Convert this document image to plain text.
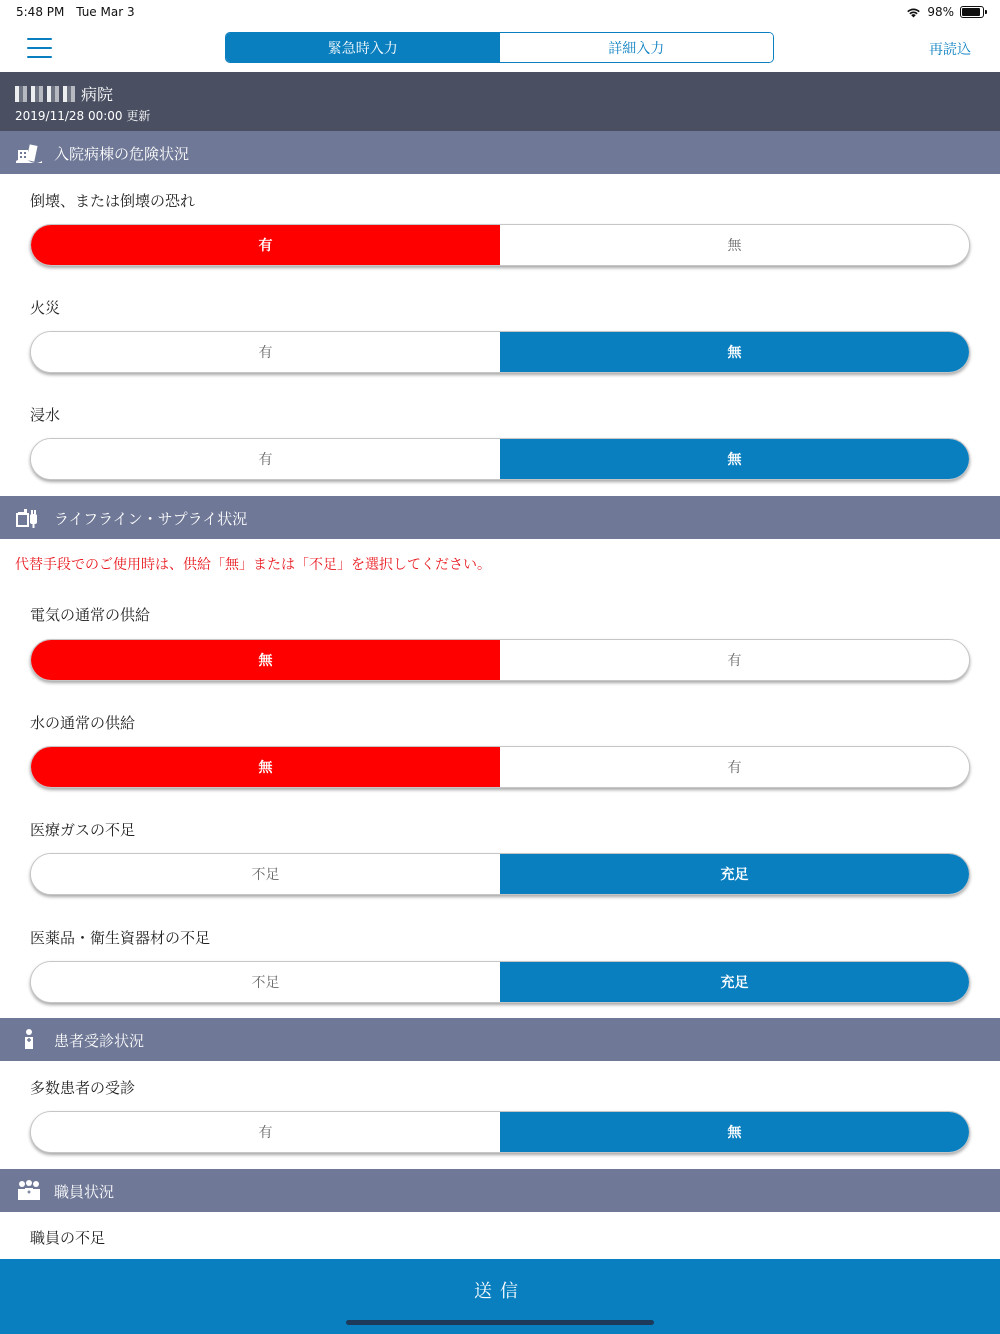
5:48 PM Tue Mar 3	98%
緊急時入力	詳細入力	再読込
病院
2019/11/28 00:00 更新
入院病棟の危険状況
倒壊、または倒壊の恐れ
有	無
火災
有	無
浸水
有	無
ライフライン・サプライ状況
代替手段でのご使用時は、供給「無」または「不足」を選択してください。
電気の通常の供給
無	有
水の通常の供給
無	有
医療ガスの不足
不足	充足
医薬品・衛生資器材の不足
不足	充足
患者受診状況
多数患者の受診
有	無
職員状況
職員の不足
送信
